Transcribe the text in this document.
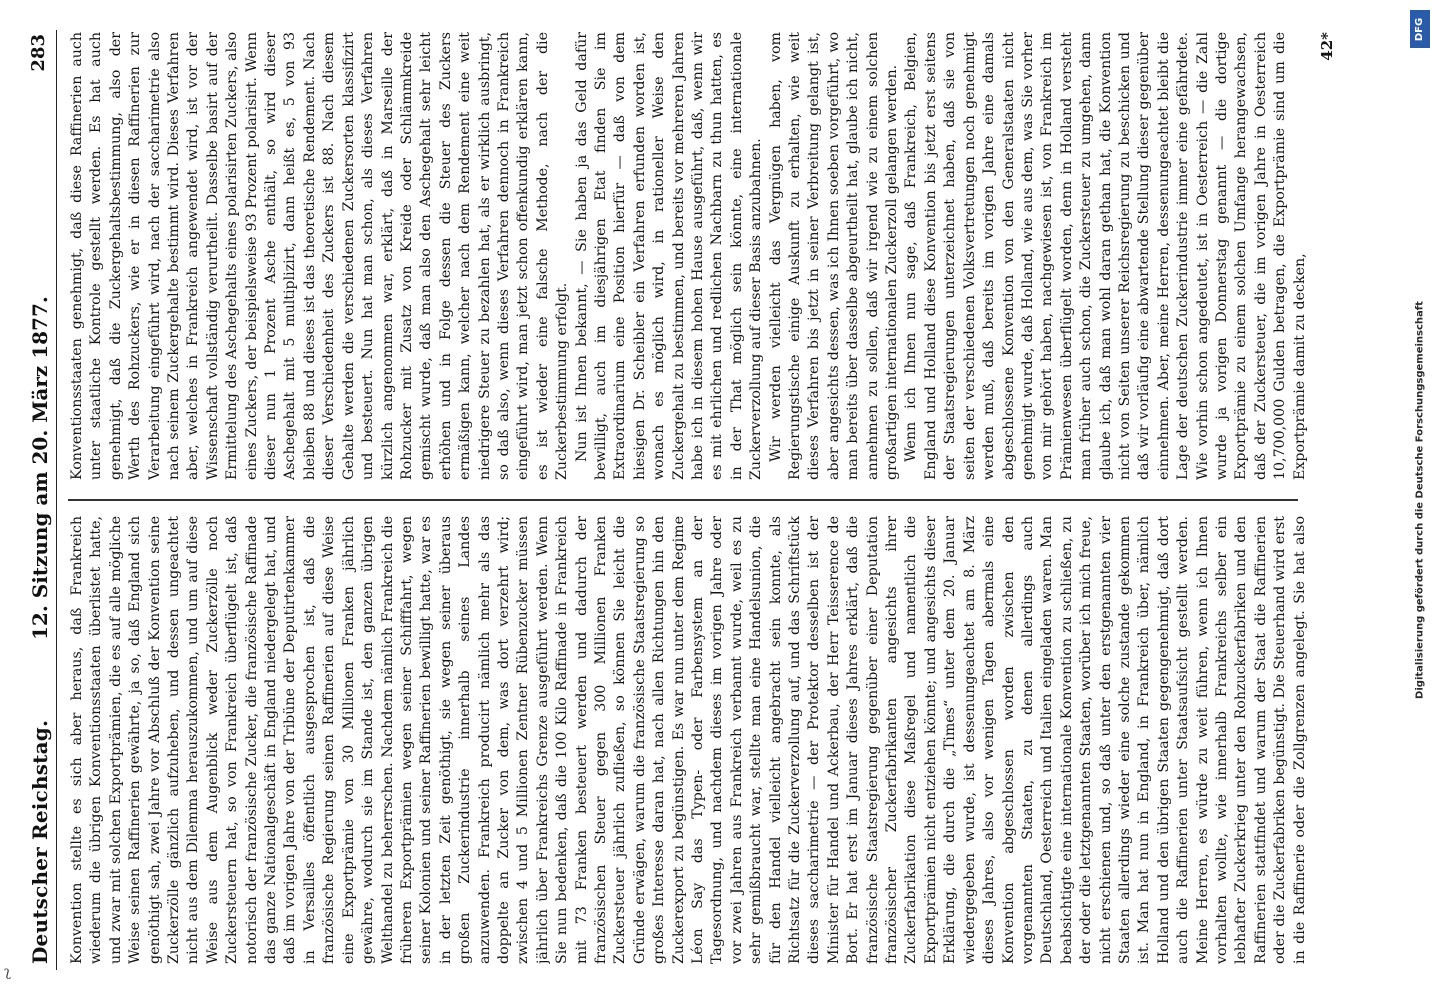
Deutscher Reichstag.
12. Sitzung am 20. März 1877.
283

Konvention stellte es sich aber heraus, daß Frankreich wiederum die übrigen Konventionsstaaten überlistet hatte, und zwar mit solchen Exportprämien, die es auf alle mögliche Weise seinen Raffinerien gewährte, ja so, daß England sich genöthigt sah, zwei Jahre vor Abschluß der Konvention seine Zuckerzölle gänzlich aufzuheben, und dessen ungeachtet nicht aus dem Dilemma herauszukommen, und um auf diese Weise aus dem Augenblick weder Zuckerzölle noch Zuckersteuern hat, so von Frankreich überflügelt ist, daß notorisch der französische Zucker, die französische Raffinade das ganze Nationalgeschäft in England niedergelegt hat, und daß im vorigen Jahre von der Tribüne der Deputirtenkammer in Versailles öffentlich ausgesprochen ist, daß die französische Regierung seinen Raffinerien auf diese Weise eine Exportprämie von 30 Millionen Franken jährlich gewähre, wodurch sie im Stande ist, den ganzen übrigen Welthandel zu beherrschen. Nachdem nämlich Frankreich die früheren Exportprämien wegen seiner Schifffahrt, wegen seiner Kolonien und seiner Raffinerien bewilligt hatte, war es in der letzten Zeit genöthigt, sie wegen seiner überaus großen Zuckerindustrie innerhalb seines Landes anzuwenden. Frankreich producirt nämlich mehr als das doppelte an Zucker von dem, was dort verzehrt wird; zwischen 4 und 5 Millionen Zentner Rübenzucker müssen jährlich über Frankreichs Grenze ausgeführt werden. Wenn Sie nun bedenken, daß die 100 Kilo Raffinade in Frankreich mit 73 Franken besteuert werden und dadurch der französischen Steuer gegen 300 Millionen Franken Zuckersteuer jährlich zufließen, so können Sie leicht die Gründe erwägen, warum die französische Staatsregierung so großes Interesse daran hat, nach allen Richtungen hin den Zuckerexport zu begünstigen. Es war nun unter dem Regime Léon Say das Typen- oder Farbensystem an der Tagesordnung, und nachdem dieses im vorigen Jahre oder vor zwei Jahren aus Frankreich verbannt wurde, weil es zu sehr gemißbraucht war, stellte man eine Handelsunion, die für den Handel vielleicht angebracht sein konnte, als Richtsatz für die Zuckerverzollung auf, und das Schriftstück dieses saccharimetrie — der Protektor desselben ist der Minister für Handel und Ackerbau, der Herr Teisserence de Bort. Er hat erst im Januar dieses Jahres erklärt, daß die französische Staatsregierung gegenüber einer Deputation französischer Zuckerfabrikanten angesichts ihrer Zuckerfabrikation diese Maßregel und namentlich die Exportprämien nicht entziehen könnte; und angesichts dieser Erklärung, die durch die „Times“ unter dem 20. Januar wiedergegeben wurde, ist dessenungeachtet am 8. März dieses Jahres, also vor wenigen Tagen abermals eine Konvention abgeschlossen worden zwischen den vorgenannten Staaten, zu denen allerdings auch Deutschland, Oesterreich und Italien eingeladen waren. Man beabsichtigte eine internationale Konvention zu schließen, zu der oder die letztgenannten Staaten, worüber ich mich freue, nicht erschienen und, so daß unter den erstgenannten vier Staaten allerdings wieder eine solche zustande gekommen ist. Man hat nun in England, in Frankreich über, nämlich Holland und den übrigen Staaten gegengenehmigt, daß dort auch die Raffinerien unter Staatsaufsicht gestellt werden. Meine Herren, es würde zu weit führen, wenn ich Ihnen vorhalten wollte, wie innerhalb Frankreichs selber ein lebhafter Zuckerkrieg unter den Rohzuckerfabriken und den Raffinerien stattfindet und warum der Staat die Raffinerien oder die Zuckerfabriken begünstigt. Die Steuerhand wird erst in die Raffinerie oder die Zollgrenzen angelegt. Sie hat also

Konventionsstaaten genehmigt, daß diese Raffinerien auch unter staatliche Kontrole gestellt werden. Es hat auch genehmigt, daß die Zuckergehaltsbestimmung, also der Werth des Rohzuckers, wie er in diesen Raffinerien zur Verarbeitung eingeführt wird, nach der saccharimetrie also nach seinem Zuckergehalte bestimmt wird. Dieses Verfahren aber, welches in Frankreich angewendet wird, ist vor der Wissenschaft vollständig verurtheilt. Dasselbe basirt auf der Ermittelung des Aschegehalts eines polarisirten Zuckers, also eines Zuckers, der beispielsweise 93 Prozent polarisirt. Wenn dieser nun 1 Prozent Asche enthält, so wird dieser Aschegehalt mit 5 multiplizirt, dann heißt es, 5 von 93 bleiben 88 und dieses ist das theoretische Rendement. Nach dieser Verschiedenheit des Zuckers ist 88. Nach diesem Gehalte werden die verschiedenen Zuckersorten klassifizirt und besteuert. Nun hat man schon, als dieses Verfahren kürzlich angenommen war, erklärt, daß in Marseille der Rohzucker mit Zusatz von Kreide oder Schlämmkreide gemischt wurde, daß man also den Aschegehalt sehr leicht erhöhen und in Folge dessen die Steuer des Zuckers ermäßigen kann, welcher nach dem Rendement eine weit niedrigere Steuer zu bezahlen hat, als er wirklich ausbringt, so daß also, wenn dieses Verfahren dennoch in Frankreich eingeführt wird, man jetzt schon offenkundig erklären kann, es ist wieder eine falsche Methode, nach der die Zuckerbestimmung erfolgt. Nun ist Ihnen bekannt, — Sie haben ja das Geld dafür bewilligt, auch im diesjährigen Etat finden Sie im Extraordinarium eine Position hierfür — daß von dem hiesigen Dr. Scheibler ein Verfahren erfunden worden ist, wonach es möglich wird, in rationeller Weise den Zuckergehalt zu bestimmen, und bereits vor mehreren Jahren habe ich in diesem hohen Hause ausgeführt, daß, wenn wir es mit ehrlichen und redlichen Nachbarn zu thun hatten, es in der That möglich sein könnte, eine internationale Zuckerverzollung auf dieser Basis anzubahnen. Wir werden vielleicht das Vergnügen haben, vom Regierungstische einige Auskunft zu erhalten, wie weit dieses Verfahren bis jetzt in seiner Verbreitung gelangt ist, aber angesichts dessen, was ich Ihnen soeben vorgeführt, wo man bereits über dasselbe abgeurtheilt hat, glaube ich nicht, annehmen zu sollen, daß wir irgend wie zu einem solchen großartigen internationalen Zuckerzoll gelangen werden. Wenn ich Ihnen nun sage, daß Frankreich, Belgien, England und Holland diese Konvention bis jetzt erst seitens der Staatsregierungen unterzeichnet haben, daß sie von seiten der verschiedenen Volksvertretungen noch genehmigt werden muß, daß bereits im vorigen Jahre eine damals abgeschlossene Konvention von den Generalstaaten nicht genehmigt wurde, daß Holland, wie aus dem, was Sie vorher von mir gehört haben, nachgewiesen ist, von Frankreich im Prämienwesen überflügelt worden, denn in Holland versteht man früher auch schon, die Zuckersteuer zu umgehen, dann glaube ich, daß man wohl daran gethan hat, die Konvention nicht von Seiten unserer Reichsregierung zu beschicken und daß wir vorläufig eine abwartende Stellung dieser gegenüber einnehmen. Aber, meine Herren, dessenungeachtet bleibt die Lage der deutschen Zuckerindustrie immer eine gefährdete. Wie vorhin schon angedeutet, ist in Oesterreich — die Zahl wurde ja vorigen Donnerstag genannt — die dortige Exportprämie zu einem solchen Umfange herangewachsen, daß der Zuckersteuer, die im vorigen Jahre in Oesterreich 10,700,000 Gulden betragen, die Exportprämie sind um die Exportprämie damit zu decken,

42*
ʅ
DFG
Digitalisierung gefördert durch die Deutsche Forschungsgemeinschaft
